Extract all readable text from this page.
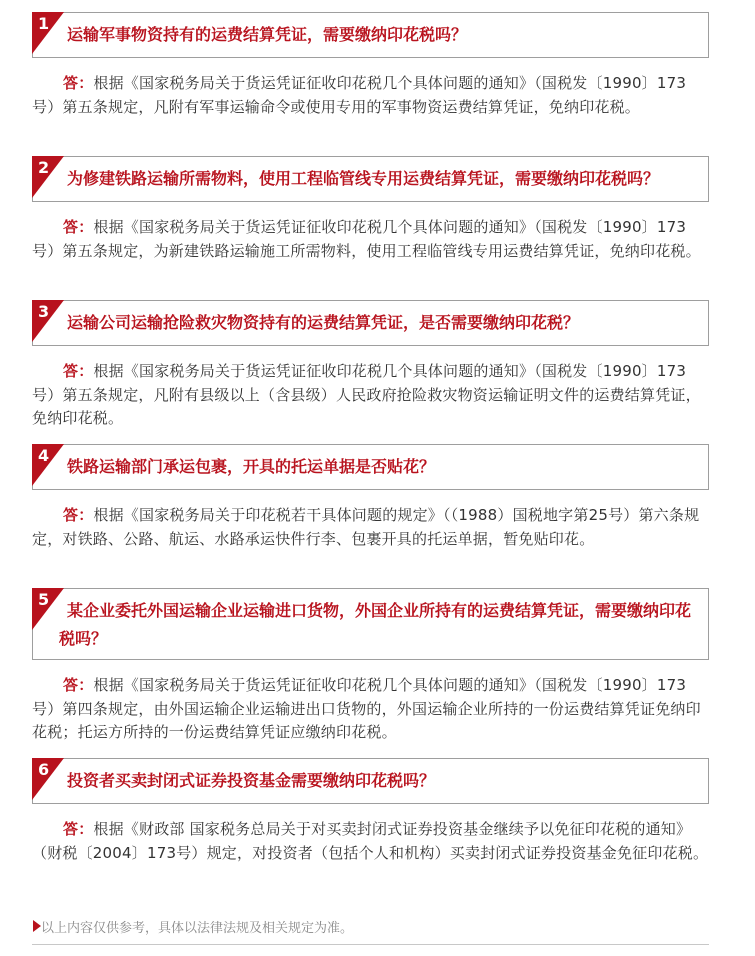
1
运输军事物资持有的运费结算凭证，需要缴纳印花税吗？
答：根据《国家税务局关于货运凭证征收印花税几个具体问题的通知》（国税发〔1990〕173号）第五条规定，凡附有军事运输命令或使用专用的军事物资运费结算凭证，免纳印花税。
2
为修建铁路运输所需物料，使用工程临管线专用运费结算凭证，需要缴纳印花税吗？
答：根据《国家税务局关于货运凭证征收印花税几个具体问题的通知》（国税发〔1990〕173号）第五条规定，为新建铁路运输施工所需物料，使用工程临管线专用运费结算凭证，免纳印花税。
3
运输公司运输抢险救灾物资持有的运费结算凭证，是否需要缴纳印花税？
答：根据《国家税务局关于货运凭证征收印花税几个具体问题的通知》（国税发〔1990〕173号）第五条规定，凡附有县级以上（含县级）人民政府抢险救灾物资运输证明文件的运费结算凭证，免纳印花税。
4
铁路运输部门承运包裹，开具的托运单据是否贴花？
答：根据《国家税务局关于印花税若干具体问题的规定》（（1988）国税地字第25号）第六条规定，对铁路、公路、航运、水路承运快件行李、包裹开具的托运单据，暂免贴印花。
5
某企业委托外国运输企业运输进口货物，外国企业所持有的运费结算凭证，需要缴纳印花税吗？
答：根据《国家税务局关于货运凭证征收印花税几个具体问题的通知》（国税发〔1990〕173号）第四条规定，由外国运输企业运输进出口货物的，外国运输企业所持的一份运费结算凭证免纳印花税；托运方所持的一份运费结算凭证应缴纳印花税。
6
投资者买卖封闭式证券投资基金需要缴纳印花税吗？
答：根据《财政部 国家税务总局关于对买卖封闭式证券投资基金继续予以免征印花税的通知》（财税〔2004〕173号）规定，对投资者（包括个人和机构）买卖封闭式证券投资基金免征印花税。
以上内容仅供参考，具体以法律法规及相关规定为准。
